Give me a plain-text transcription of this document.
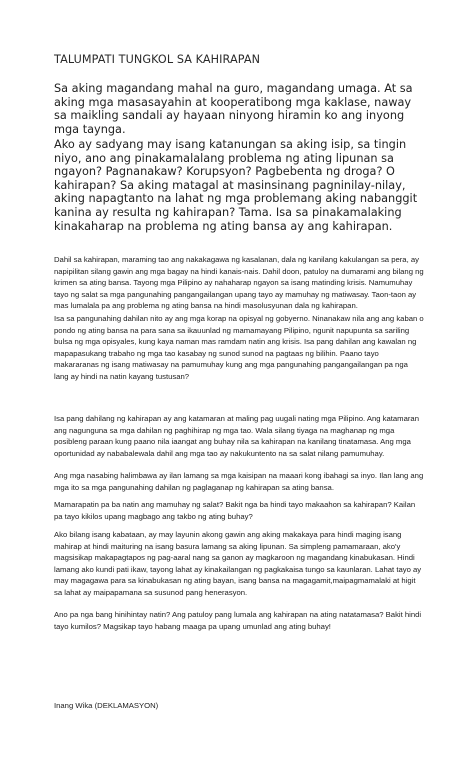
TALUMPATI TUNGKOL SA KAHIRAPAN
Sa aking magandang mahal na guro, magandang umaga. At sa aking mga masasayahin at kooperatibong mga kaklase, naway sa maikling sandali ay hayaan ninyong hiramin ko ang inyong mga taynga.
Ako ay sadyang may isang katanungan sa aking isip, sa tingin niyo, ano ang pinakamalalang problema ng ating lipunan sa ngayon? Pagnanakaw? Korupsyon? Pagbebenta ng droga? O kahirapan? Sa aking matagal at masinsinang pagninilay-nilay, aking napagtanto na lahat ng mga problemang aking nabanggit kanina ay resulta ng kahirapan? Tama. Isa sa pinakamalaking kinakaharap na problema ng ating bansa ay ang kahirapan.
Dahil sa kahirapan, maraming tao ang nakakagawa ng kasalanan, dala ng kanilang kakulangan sa pera, ay napipilitan silang gawin ang mga bagay na hindi kanais-nais. Dahil doon, patuloy na dumarami ang bilang ng krimen sa ating bansa. Tayong mga Pilipino ay nahaharap ngayon sa isang matinding krisis. Namumuhay tayo ng salat sa mga pangunahing pangangailangan upang tayo ay mamuhay ng matiwasay. Taon-taon ay mas lumalala pa ang problema ng ating bansa na hindi masolusyunan dala ng kahirapan.
Isa sa pangunahing dahilan nito ay ang mga korap na opisyal ng gobyerno. Ninanakaw nila ang ang kaban o pondo ng ating bansa na para sana sa ikauunlad ng mamamayang Pilipino, ngunit napupunta sa sariling bulsa ng mga opisyales, kung kaya naman mas ramdam natin ang krisis. Isa pang dahilan ang kawalan ng mapapasukang trabaho ng mga tao kasabay ng sunod sunod na pagtaas ng bilihin. Paano tayo makararanas ng isang matiwasay na pamumuhay kung ang mga pangunahing pangangailangan pa nga lang ay hindi na natin kayang tustusan?
Isa pang dahilang ng kahirapan ay ang katamaran at maling pag uugali nating mga Pilipino. Ang katamaran ang nagunguna sa mga dahilan ng paghihirap ng mga tao. Wala silang tiyaga na maghanap ng mga posibleng paraan kung paano nila iaangat ang buhay nila sa kahirapan na kanilang tinatamasa. Ang mga oportunidad ay nababalewala dahil ang mga tao ay nakukuntento na sa salat nilang pamumuhay.
Ang mga nasabing halimbawa ay ilan lamang sa mga kaisipan na maaari kong ibahagi sa inyo. Ilan lang ang mga ito sa mga pangunahing dahilan ng paglaganap ng kahirapan sa ating bansa.
Mamarapatin pa ba natin ang mamuhay ng salat? Bakit nga ba hindi tayo makaahon sa kahirapan? Kailan pa tayo kikilos upang magbago ang takbo ng ating buhay?
Ako bilang isang kabataan, ay may layunin akong gawin ang aking makakaya para hindi maging isang mahirap at hindi maituring na isang basura lamang sa aking lipunan. Sa simpleng pamamaraan, ako'y magsisikap makapagtapos ng pag-aaral nang sa ganon ay magkaroon ng magandang kinabukasan. Hindi lamang ako kundi pati ikaw, tayong lahat ay kinakailangan ng pagkakaisa tungo sa kaunlaran. Lahat tayo ay may magagawa para sa kinabukasan ng ating bayan, isang bansa na magagamit,maipagmamalaki at higit sa lahat ay maipapamana sa susunod pang henerasyon.
Ano pa nga bang hinihintay natin? Ang patuloy pang lumala ang kahirapan na ating natatamasa? Bakit hindi tayo kumilos? Magsikap tayo habang maaga pa upang umunlad ang ating buhay!
Inang Wika (DEKLAMASYON)
